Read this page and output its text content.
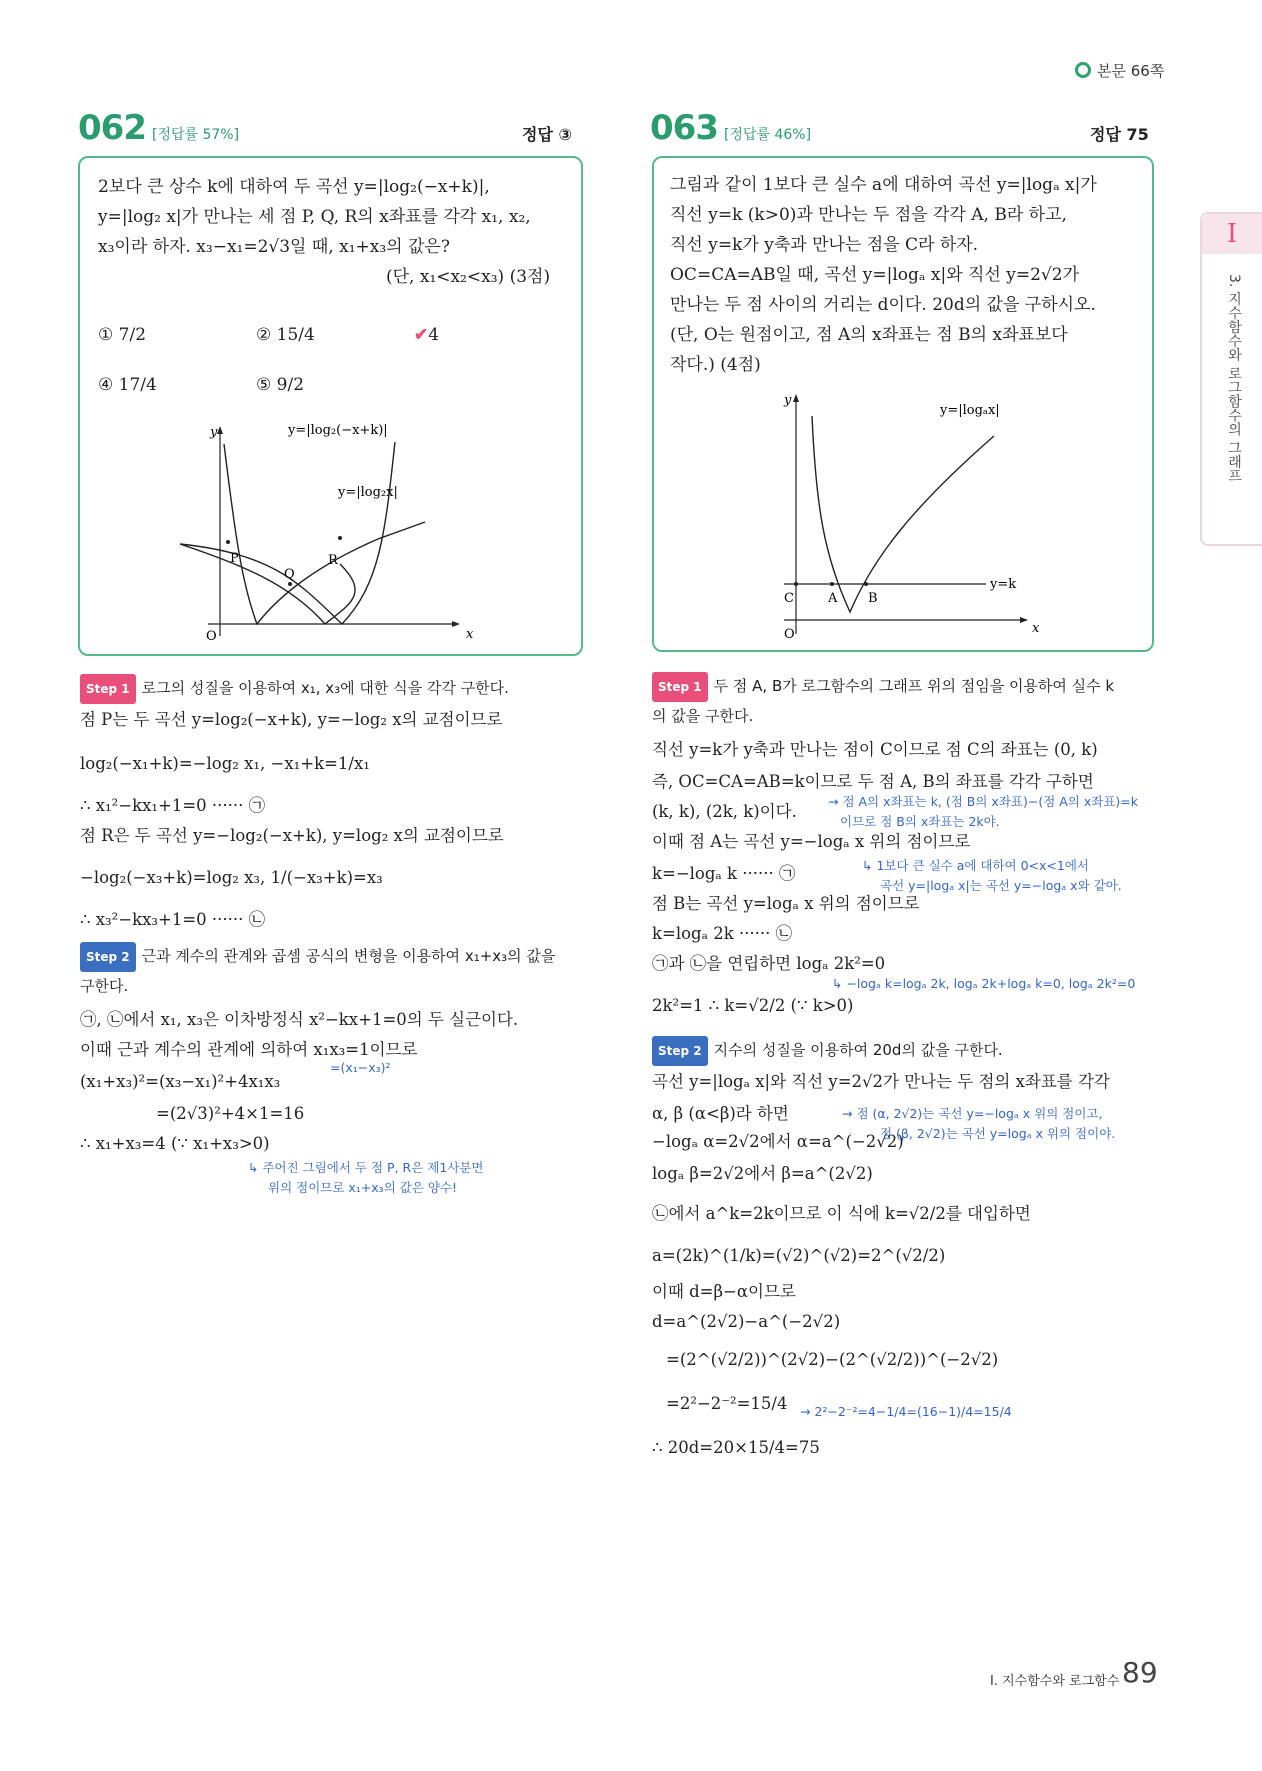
본문 66쪽
062 [정답률 57%]	정답 ③
2보다 큰 상수 k에 대하여 두 곡선 y=|log₂(−x+k)|,
y=|log₂ x|가 만나는 세 점 P, Q, R의 x좌표를 각각 x₁, x₂,
x₃이라 하자. x₃−x₁=2√3일 때, x₁+x₃의 값은?
(단, x₁<x₂<x₃) (3점)
① 7/2	② 15/4	✔4
④ 17/4	⑤ 9/2
y
x
O
P
Q
R
y=|log₂(−x+k)|
y=|log₂x|
Step 1 로그의 성질을 이용하여 x₁, x₃에 대한 식을 각각 구한다.
점 P는 두 곡선 y=log₂(−x+k), y=−log₂ x의 교점이므로
log₂(−x₁+k)=−log₂ x₁, −x₁+k=1/x₁
∴ x₁²−kx₁+1=0 ······ ㉠
점 R은 두 곡선 y=−log₂(−x+k), y=log₂ x의 교점이므로
−log₂(−x₃+k)=log₂ x₃, 1/(−x₃+k)=x₃
∴ x₃²−kx₃+1=0 ······ ㉡
Step 2 근과 계수의 관계와 곱셈 공식의 변형을 이용하여 x₁+x₃의 값을
구한다.
㉠, ㉡에서 x₁, x₃은 이차방정식 x²−kx+1=0의 두 실근이다.
이때 근과 계수의 관계에 의하여 x₁x₃=1이므로
(x₁+x₃)²=(x₃−x₁)²+4x₁x₃
=(x₁−x₃)²
=(2√3)²+4×1=16
∴ x₁+x₃=4 (∵ x₁+x₃>0)
↳ 주어진 그림에서 두 점 P, R은 제1사분면
위의 점이므로 x₁+x₃의 값은 양수!
063 [정답률 46%]	정답 75
그림과 같이 1보다 큰 실수 a에 대하여 곡선 y=|logₐ x|가
직선 y=k (k>0)과 만나는 두 점을 각각 A, B라 하고,
직선 y=k가 y축과 만나는 점을 C라 하자.
OC=CA=AB일 때, 곡선 y=|logₐ x|와 직선 y=2√2가
만나는 두 점 사이의 거리는 d이다. 20d의 값을 구하시오.
(단, O는 원점이고, 점 A의 x좌표는 점 B의 x좌표보다
작다.) (4점)
y
x
O
C	A B
y=k
y=|logₐx|
Step 1 두 점 A, B가 로그함수의 그래프 위의 점임을 이용하여 실수 k
의 값을 구한다.
직선 y=k가 y축과 만나는 점이 C이므로 점 C의 좌표는 (0, k)
즉, OC=CA=AB=k이므로 두 점 A, B의 좌표를 각각 구하면
(k, k), (2k, k)이다.
→ 점 A의 x좌표는 k, (점 B의 x좌표)−(점 A의 x좌표)=k
이므로 점 B의 x좌표는 2k야.
이때 점 A는 곡선 y=−logₐ x 위의 점이므로
k=−logₐ k ······ ㉠	↳ 1보다 큰 실수 a에 대하여 0<x<1에서
곡선 y=|logₐ x|는 곡선 y=−logₐ x와 같아.
점 B는 곡선 y=logₐ x 위의 점이므로
k=logₐ 2k ······ ㉡
㉠과 ㉡을 연립하면 logₐ 2k²=0
↳ −logₐ k=logₐ 2k, logₐ 2k+logₐ k=0, logₐ 2k²=0
2k²=1 ∴ k=√2/2 (∵ k>0)
Step 2 지수의 성질을 이용하여 20d의 값을 구한다.
곡선 y=|logₐ x|와 직선 y=2√2가 만나는 두 점의 x좌표를 각각
α, β (α<β)라 하면	→ 점 (α, 2√2)는 곡선 y=−logₐ x 위의 점이고,
−logₐ α=2√2에서 α=a^(−2√2)
점 (β, 2√2)는 곡선 y=logₐ x 위의 점이야.
logₐ β=2√2에서 β=a^(2√2)
㉡에서 a^k=2k이므로 이 식에 k=√2/2를 대입하면
a=(2k)^(1/k)=(√2)^(√2)=2^(√2/2)
이때 d=β−α이므로
d=a^(2√2)−a^(−2√2)
=(2^(√2/2))^(2√2)−(2^(√2/2))^(−2√2)
=2²−2⁻²=15/4 → 2²−2⁻²=4−1/4=(16−1)/4=15/4
∴ 20d=20×15/4=75
I
3. 지수함수와 로그함수의 그래프
Ⅰ. 지수함수와 로그함수 89
